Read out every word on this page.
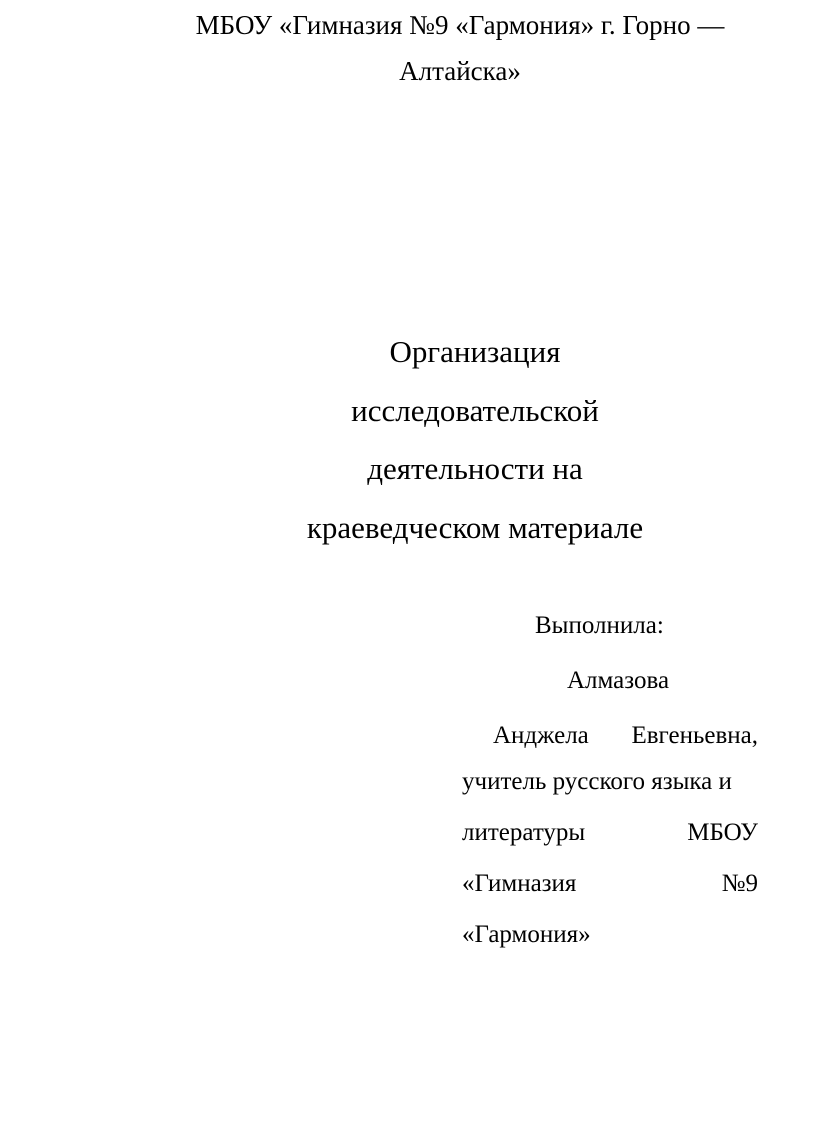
МБОУ «Гимназия №9 «Гармония» г. Горно —
Алтайска»
Организация
исследовательской
деятельности на
краеведческом материале
Выполнила:
Алмазова
Анджела Евгеньевна,
учитель русского языка и
литературы	МБОУ
«Гимназия	№9
«Гармония»
